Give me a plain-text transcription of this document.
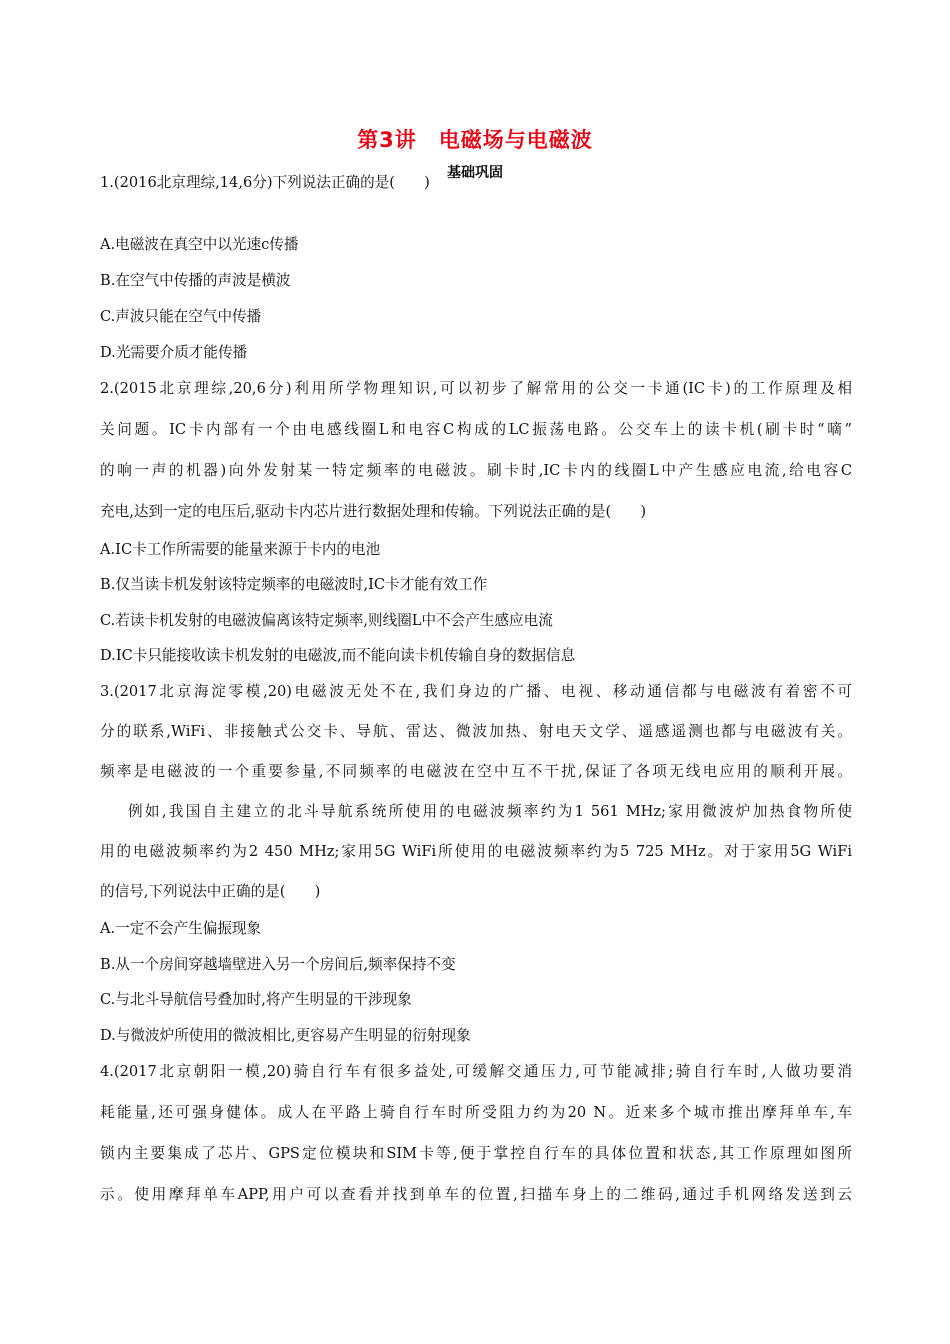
第3讲 电磁场与电磁波
基础巩固
1.(2016北京理综,14,6分)下列说法正确的是(　　)
A.电磁波在真空中以光速c传播
B.在空气中传播的声波是横波
C.声波只能在空气中传播
D.光需要介质才能传播
2.(2015北京理综,20,6分)利用所学物理知识,可以初步了解常用的公交一卡通(IC卡)的工作原理及相
关问题。IC卡内部有一个由电感线圈L和电容C构成的LC振荡电路。公交车上的读卡机(刷卡时“嘀”
的响一声的机器)向外发射某一特定频率的电磁波。刷卡时,IC卡内的线圈L中产生感应电流,给电容C
充电,达到一定的电压后,驱动卡内芯片进行数据处理和传输。下列说法正确的是(　　)
A.IC卡工作所需要的能量来源于卡内的电池
B.仅当读卡机发射该特定频率的电磁波时,IC卡才能有效工作
C.若读卡机发射的电磁波偏离该特定频率,则线圈L中不会产生感应电流
D.IC卡只能接收读卡机发射的电磁波,而不能向读卡机传输自身的数据信息
3.(2017北京海淀零模,20)电磁波无处不在,我们身边的广播、电视、移动通信都与电磁波有着密不可
分的联系,WiFi、非接触式公交卡、导航、雷达、微波加热、射电天文学、遥感遥测也都与电磁波有关。
频率是电磁波的一个重要参量,不同频率的电磁波在空中互不干扰,保证了各项无线电应用的顺利开展。
例如,我国自主建立的北斗导航系统所使用的电磁波频率约为1 561 MHz;家用微波炉加热食物所使
用的电磁波频率约为2 450 MHz;家用5G WiFi所使用的电磁波频率约为5 725 MHz。对于家用5G WiFi
的信号,下列说法中正确的是(　　)
A.一定不会产生偏振现象
B.从一个房间穿越墙壁进入另一个房间后,频率保持不变
C.与北斗导航信号叠加时,将产生明显的干涉现象
D.与微波炉所使用的微波相比,更容易产生明显的衍射现象
4.(2017北京朝阳一模,20)骑自行车有很多益处,可缓解交通压力,可节能减排;骑自行车时,人做功要消
耗能量,还可强身健体。成人在平路上骑自行车时所受阻力约为20 N。近来多个城市推出摩拜单车,车
锁内主要集成了芯片、GPS定位模块和SIM卡等,便于掌控自行车的具体位置和状态,其工作原理如图所
示。使用摩拜单车APP,用户可以查看并找到单车的位置,扫描车身上的二维码,通过手机网络发送到云
